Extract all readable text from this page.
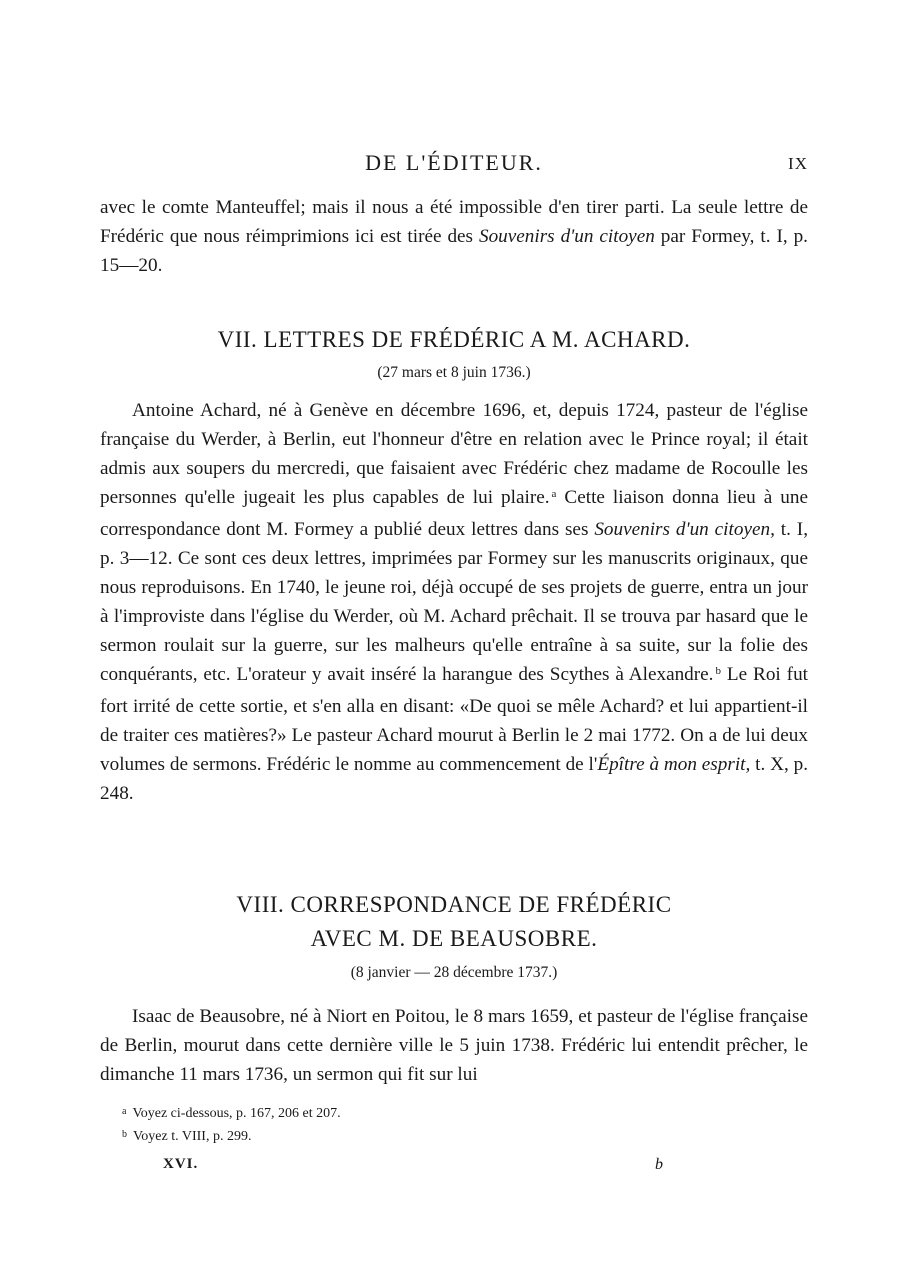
DE L'ÉDITEUR.	IX

avec le comte Manteuffel; mais il nous a été impossible d'en tirer parti. La seule lettre de Frédéric que nous réimprimions ici est tirée des Souvenirs d'un citoyen par Formey, t. I, p. 15—20.

VII. LETTRES DE FRÉDÉRIC A M. ACHARD.
(27 mars et 8 juin 1736.)

Antoine Achard, né à Genève en décembre 1696, et, depuis 1724, pasteur de l'église française du Werder, à Berlin, eut l'honneur d'être en relation avec le Prince royal; il était admis aux soupers du mercredi, que faisaient avec Frédéric chez madame de Rocoulle les personnes qu'elle jugeait les plus capables de lui plaire. $^a$ Cette liaison donna lieu à une correspondance dont M. Formey a publié deux lettres dans ses Souvenirs d'un citoyen, t. I, p. 3—12. Ce sont ces deux lettres, imprimées par Formey sur les manuscrits originaux, que nous reproduisons. En 1740, le jeune roi, déjà occupé de ses projets de guerre, entra un jour à l'improviste dans l'église du Werder, où M. Achard prêchait. Il se trouva par hasard que le sermon roulait sur la guerre, sur les malheurs qu'elle entraîne à sa suite, sur la folie des conquérants, etc. L'orateur y avait inséré la harangue des Scythes à Alexandre. $^b$ Le Roi fut fort irrité de cette sortie, et s'en alla en disant: «De quoi se mêle Achard? et lui appartient-il de traiter ces matières?» Le pasteur Achard mourut à Berlin le 2 mai 1772. On a de lui deux volumes de sermons. Frédéric le nomme au commencement de l'Épître à mon esprit, t. X, p. 248.

VIII. CORRESPONDANCE DE FRÉDÉRIC
AVEC M. DE BEAUSOBRE.
(8 janvier — 28 décembre 1737.)

Isaac de Beausobre, né à Niort en Poitou, le 8 mars 1659, et pasteur de l'église française de Berlin, mourut dans cette dernière ville le 5 juin 1738. Frédéric lui entendit prêcher, le dimanche 11 mars 1736, un sermon qui fit sur lui

$^a$ Voyez ci-dessous, p. 167, 206 et 207.
$^b$ Voyez t. VIII, p. 299.
XVI.	b
